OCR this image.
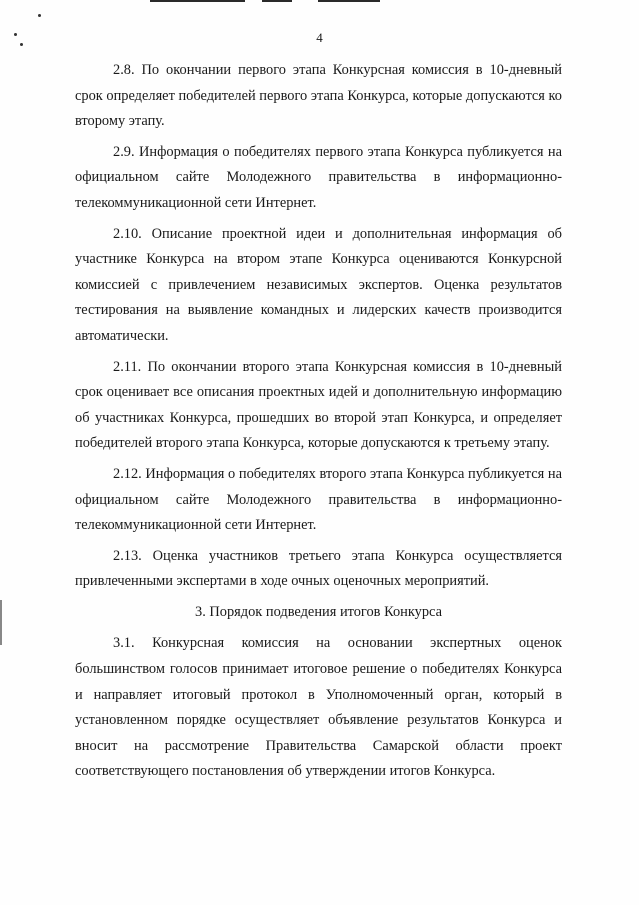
4

2.8. По окончании первого этапа Конкурсная комиссия в 10-дневный срок определяет победителей первого этапа Конкурса, которые допускаются ко второму этапу.

2.9. Информация о победителях первого этапа Конкурса публикуется на официальном сайте Молодежного правительства в информационно-телекоммуникационной сети Интернет.

2.10. Описание проектной идеи и дополнительная информация об участнике Конкурса на втором этапе Конкурса оцениваются Конкурсной комиссией с привлечением независимых экспертов. Оценка результатов тестирования на выявление командных и лидерских качеств производится автоматически.

2.11. По окончании второго этапа Конкурсная комиссия в 10-дневный срок оценивает все описания проектных идей и дополнительную информацию об участниках Конкурса, прошедших во второй этап Конкурса, и определяет победителей второго этапа Конкурса, которые допускаются к третьему этапу.

2.12. Информация о победителях второго этапа Конкурса публикуется на официальном сайте Молодежного правительства в информационно-телекоммуникационной сети Интернет.

2.13. Оценка участников третьего этапа Конкурса осуществляется привлеченными экспертами в ходе очных оценочных мероприятий.

3. Порядок подведения итогов Конкурса

3.1. Конкурсная комиссия на основании экспертных оценок большинством голосов принимает итоговое решение о победителях Конкурса и направляет итоговый протокол в Уполномоченный орган, который в установленном порядке осуществляет объявление результатов Конкурса и вносит на рассмотрение Правительства Самарской области проект соответствующего постановления об утверждении итогов Конкурса.
